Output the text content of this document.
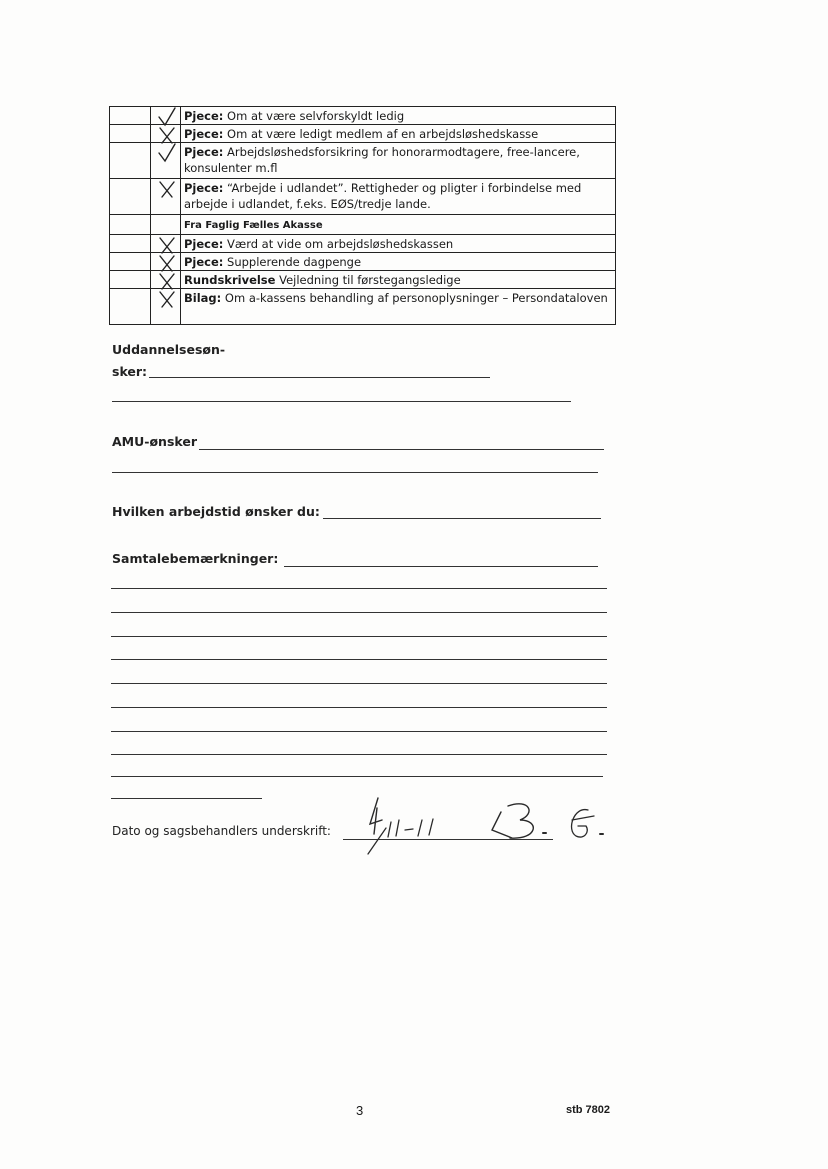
	Pjece: Om at være selvforskyldt ledig

	Pjece: Om at være ledigt medlem af en arbejdsløshedskasse

	Pjece: Arbejdsløshedsforsikring for honorarmodtagere, free-lancere, konsulenter m.fl

	Pjece: “Arbejde i udlandet”. Rettigheder og pligter i forbindelse med arbejde i udlandet, f.eks. EØS/tredje lande.
		Fra Faglig Fælles Akasse

	Pjece: Værd at vide om arbejdsløshedskassen

	Pjece: Supplerende dagpenge

	Rundskrivelse Vejledning til førstegangsledige

	Bilag: Om a-kassens behandling af personoplysninger – Persondataloven
Uddannelsesøn-
sker:
AMU-ønsker
Hvilken arbejdstid ønsker du:
Samtalebemærkninger:
Dato og sagsbehandlers underskrift:
3	stb 7802
